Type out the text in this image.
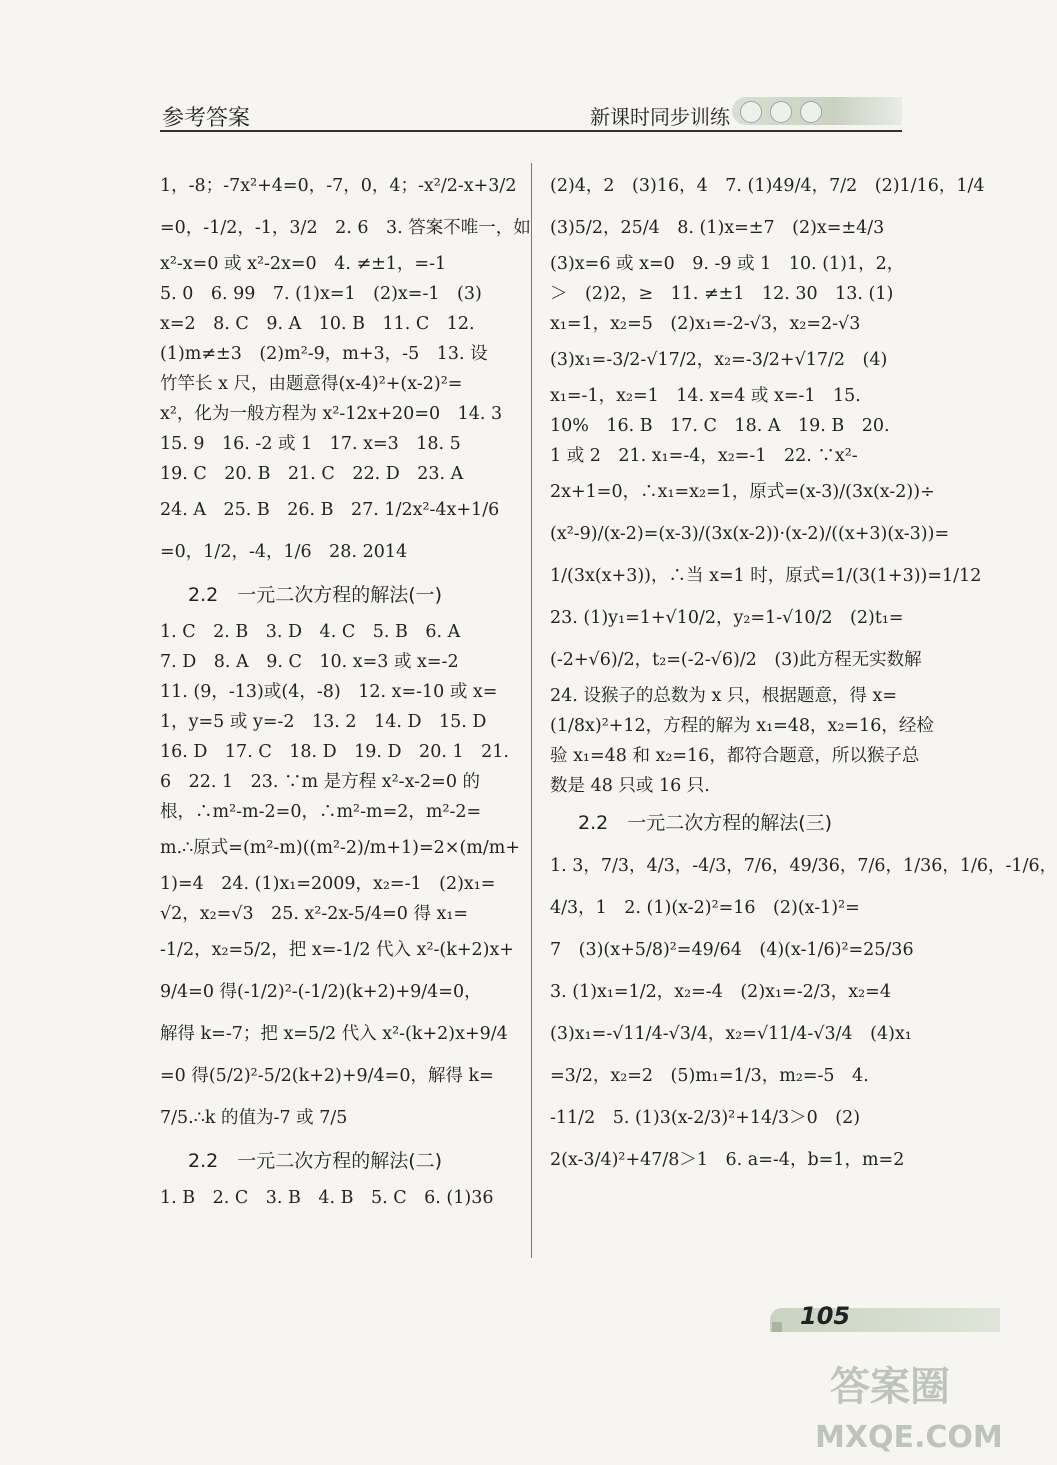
参考答案	新课时同步训练
1，-8；-7x²+4=0，-7，0，4；-x²/2-x+3/2
=0，-1/2，-1，3/2　2. 6　3. 答案不唯一，如
x²-x=0 或 x²-2x=0　4. ≠±1，=-1
5. 0　6. 99　7. (1)x=1　(2)x=-1　(3)
x=2　8. C　9. A　10. B　11. C　12.
(1)m≠±3　(2)m²-9，m+3，-5　13. 设
竹竿长 x 尺，由题意得(x-4)²+(x-2)²=
x²，化为一般方程为 x²-12x+20=0　14. 3
15. 9　16. -2 或 1　17. x=3　18. 5
19. C　20. B　21. C　22. D　23. A
24. A　25. B　26. B　27. 1/2x²-4x+1/6
=0，1/2，-4，1/6　28. 2014
2.2　一元二次方程的解法(一)
1. C　2. B　3. D　4. C　5. B　6. A
7. D　8. A　9. C　10. x=3 或 x=-2
11. (9，-13)或(4，-8)　12. x=-10 或 x=
1，y=5 或 y=-2　13. 2　14. D　15. D
16. D　17. C　18. D　19. D　20. 1　21.
6　22. 1　23. ∵m 是方程 x²-x-2=0 的
根，∴m²-m-2=0，∴m²-m=2，m²-2=
m.∴原式=(m²-m)((m²-2)/m+1)=2×(m/m+
1)=4　24. (1)x₁=2009，x₂=-1　(2)x₁=
√2，x₂=√3　25. x²-2x-5/4=0 得 x₁=
-1/2，x₂=5/2，把 x=-1/2 代入 x²-(k+2)x+
9/4=0 得(-1/2)²-(-1/2)(k+2)+9/4=0，
解得 k=-7；把 x=5/2 代入 x²-(k+2)x+9/4
=0 得(5/2)²-5/2(k+2)+9/4=0，解得 k=
7/5.∴k 的值为-7 或 7/5
2.2　一元二次方程的解法(二)
1. B　2. C　3. B　4. B　5. C　6. (1)36
(2)4，2　(3)16，4　7. (1)49/4，7/2　(2)1/16，1/4
(3)5/2，25/4　8. (1)x=±7　(2)x=±4/3
(3)x=6 或 x=0　9. -9 或 1　10. (1)1，2，
＞　(2)2，≥　11. ≠±1　12. 30　13. (1)
x₁=1，x₂=5　(2)x₁=-2-√3，x₂=2-√3
(3)x₁=-3/2-√17/2，x₂=-3/2+√17/2　(4)
x₁=-1，x₂=1　14. x=4 或 x=-1　15.
10%　16. B　17. C　18. A　19. B　20.
1 或 2　21. x₁=-4，x₂=-1　22. ∵x²-
2x+1=0，∴x₁=x₂=1，原式=(x-3)/(3x(x-2))÷
(x²-9)/(x-2)=(x-3)/(3x(x-2))·(x-2)/((x+3)(x-3))=
1/(3x(x+3))，∴当 x=1 时，原式=1/(3(1+3))=1/12
23. (1)y₁=1+√10/2，y₂=1-√10/2　(2)t₁=
(-2+√6)/2，t₂=(-2-√6)/2　(3)此方程无实数解
24. 设猴子的总数为 x 只，根据题意，得 x=
(1/8x)²+12，方程的解为 x₁=48，x₂=16，经检
验 x₁=48 和 x₂=16，都符合题意，所以猴子总
数是 48 只或 16 只.
2.2　一元二次方程的解法(三)
1. 3，7/3，4/3，-4/3，7/6，49/36，7/6，1/36，1/6，-1/6，
4/3，1　2. (1)(x-2)²=16　(2)(x-1)²=
7　(3)(x+5/8)²=49/64　(4)(x-1/6)²=25/36
3. (1)x₁=1/2，x₂=-4　(2)x₁=-2/3，x₂=4
(3)x₁=-√11/4-√3/4，x₂=√11/4-√3/4　(4)x₁
=3/2，x₂=2　(5)m₁=1/3，m₂=-5　4.
-11/2　5. (1)3(x-2/3)²+14/3＞0　(2)
2(x-3/4)²+47/8＞1　6. a=-4，b=1，m=2
105
答案圈
MXQE.COM
